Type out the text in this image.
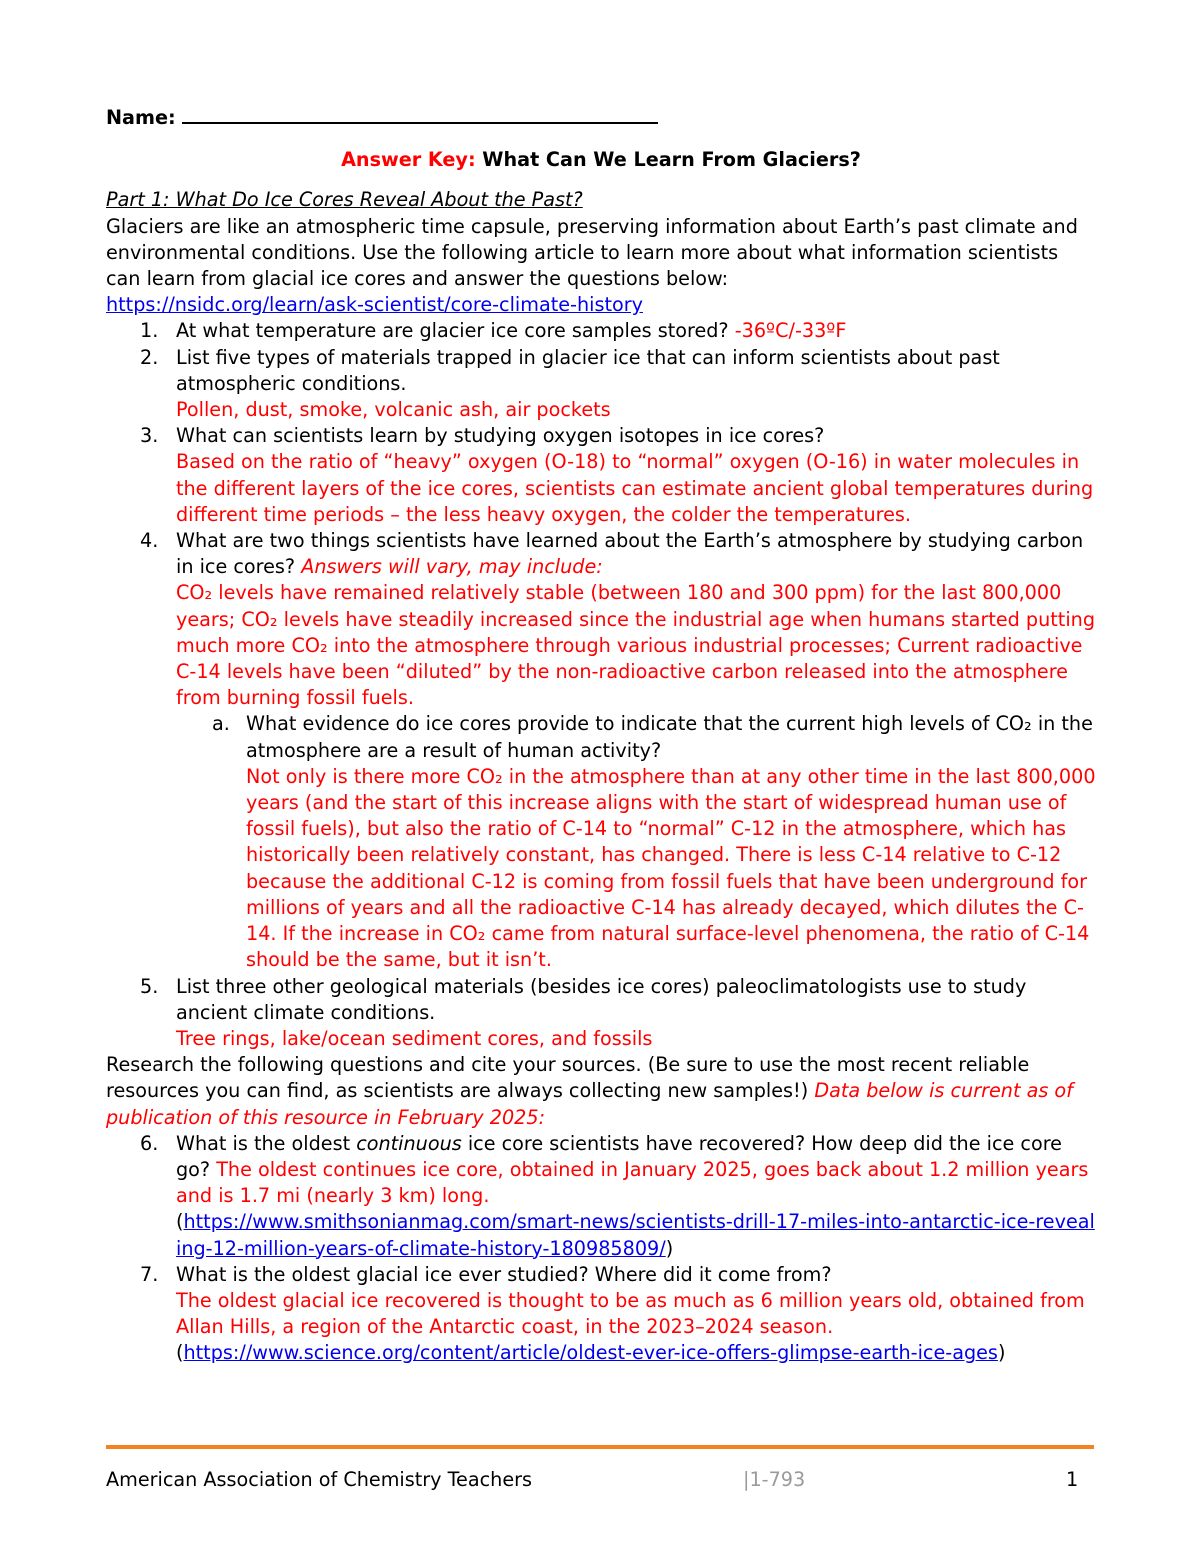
Name:
Answer Key: What Can We Learn From Glaciers?
Part 1: What Do Ice Cores Reveal About the Past?
Glaciers are like an atmospheric time capsule, preserving information about Earth’s past climate and environmental conditions. Use the following article to learn more about what information scientists can learn from glacial ice cores and answer the questions below:
https://nsidc.org/learn/ask-scientist/core-climate-history
1. At what temperature are glacier ice core samples stored? -36ºC/-33ºF
2. List five types of materials trapped in glacier ice that can inform scientists about past atmospheric conditions.
Pollen, dust, smoke, volcanic ash, air pockets
3. What can scientists learn by studying oxygen isotopes in ice cores?
Based on the ratio of “heavy” oxygen (O-18) to “normal” oxygen (O-16) in water molecules in the different layers of the ice cores, scientists can estimate ancient global temperatures during different time periods – the less heavy oxygen, the colder the temperatures.
4. What are two things scientists have learned about the Earth’s atmosphere by studying carbon in ice cores? Answers will vary, may include:
CO₂ levels have remained relatively stable (between 180 and 300 ppm) for the last 800,000 years; CO₂ levels have steadily increased since the industrial age when humans started putting much more CO₂ into the atmosphere through various industrial processes; Current radioactive C-14 levels have been “diluted” by the non-radioactive carbon released into the atmosphere from burning fossil fuels.
a. What evidence do ice cores provide to indicate that the current high levels of CO₂ in the atmosphere are a result of human activity?
Not only is there more CO₂ in the atmosphere than at any other time in the last 800,000 years (and the start of this increase aligns with the start of widespread human use of fossil fuels), but also the ratio of C-14 to “normal” C-12 in the atmosphere, which has historically been relatively constant, has changed. There is less C-14 relative to C-12 because the additional C-12 is coming from fossil fuels that have been underground for millions of years and all the radioactive C-14 has already decayed, which dilutes the C-14. If the increase in CO₂ came from natural surface-level phenomena, the ratio of C-14 should be the same, but it isn’t.
5. List three other geological materials (besides ice cores) paleoclimatologists use to study ancient climate conditions.
Tree rings, lake/ocean sediment cores, and fossils
Research the following questions and cite your sources. (Be sure to use the most recent reliable resources you can find, as scientists are always collecting new samples!) Data below is current as of publication of this resource in February 2025:
6. What is the oldest continuous ice core scientists have recovered? How deep did the ice core go? The oldest continues ice core, obtained in January 2025, goes back about 1.2 million years and is 1.7 mi (nearly 3 km) long.
(https://www.smithsonianmag.com/smart-news/scientists-drill-17-miles-into-antarctic-ice-revealing-12-million-years-of-climate-history-180985809/)
7. What is the oldest glacial ice ever studied? Where did it come from?
The oldest glacial ice recovered is thought to be as much as 6 million years old, obtained from Allan Hills, a region of the Antarctic coast, in the 2023–2024 season.
(https://www.science.org/content/article/oldest-ever-ice-offers-glimpse-earth-ice-ages)
American Association of Chemistry Teachers	|1-793	1
